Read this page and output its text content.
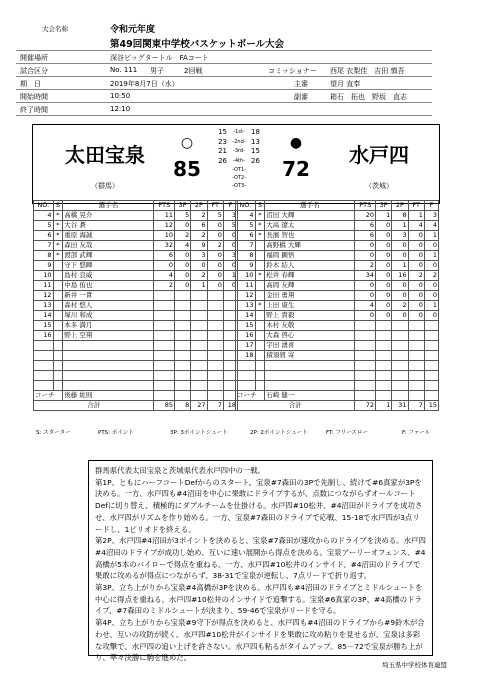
大会名称	令和元年度
第49回関東中学校バスケットボール大会
開催場所	深谷ビッグタートル　FAコート
試合区分	No. 111 男子	2回戦	コミッショナー 西尾 衣梨佳　吉田 慎吾
期　日	2019年8月7日（水）	主審	望月 直奉
開始時間	10:50	副審	箱石　拓也　野坂　直志
終了時間	12:10
太田宝泉
（群馬）
○
85
15	-1st- 18
23	-2nd- 13
21	-3rd- 15
26	-4th- 26
-OT1-
-OT2-
-OT3-
●
72
水戸四
（茨城）
NO.	S	選手名	PTS	3P	2P	FT	F
4	*	高橋 晃介	11	5	2	5	3
5	*	大谷 蒼	12	0	6	0	5
6	*	重原 海誠	10	2	2	0	0
7	*	森田 友哉	32	4	9	2	0
8	*	渡部 武輝	6	0	3	0	3
9		守下 悠暉	0	0	0	0	0
10		島村 良威	4	0	2	0	1
11		中島 侑也	2	0	1	0	0
12		新井 一貴					
13		森村 悠人					
14		塚川 和成					
15		本多 満月					
16		野上 空翔					

コーチ		後藤 紘則					
合計			85	8	27	7	18
NO.	S	選手名	PTS	3P	2P	FT	F
4	*	沼田 大輝	20	1	8	1	3
5	*	大高 遼太	6	0	1	4	4
6	*	長濱 智也	6	0	3	0	1
7		高野橋 大輝	0	0	0	0	0
8		福岡 顕悟	0	0	0	0	1
9		鈴木 結人	2	0	1	0	0
10	*	松井 春輝	34	0	16	2	2
11		高岡 友輝	0	0	0	0	0
12		金田 勇翔	0	0	0	0	0
13	*	上田 康生	4	0	2	0	1
14		野上 貴毅	0	0	0	0	0
15		木村 友敬					
16		大森 啓心					
17		宇田 湧喜					
18		積須賀 寄					

コーチ		石崎 健一					
合計			72	1	31	7	15
S: スターター	PTS: ポイント	3P: 3ポイントシュート	2P: 2ポイントシュート	FT: フリースロー	F: ファール

群馬県代表太田宝泉と茨城県代表水戸四中の一戦。

第1P、ともにハーフコートDefからのスタート。宝泉#7森田の3Pで先制し、続けて#6真家が3Pを決める。一方、水戸四も#4沼田を中心に果敢にドライブするが、点数につながらずオールコートDefに切り替え、積極的にダブルチームを仕掛ける。水戸四#10松井、#4沼田がドライブを成功させ、水戸四がリズムを作り始める。一方、宝泉#7森田のドライブで応戦、15-18で水戸四が3点リードし、1ピリオドを終える。

第2P、水戸四#4沼田が3ポイントを決めると、宝泉#7森田が速攻からのドライブを決める。水戸四#4沼田のドライブが成功し始め、互いに速い展開から得点を決める。宝泉アーリーオフェンス、#4高橋が5本のバイローで得点を重ねる。一方、水戸四#10松井のインサイド、#4沼田のドライブで果敢に攻めるが得点につながらず、38-31で宝泉が逆転し、7点リードで折り返す。

第3P、立ち上がりから宝泉#4高橋が3Pを決める。水戸四も#4沼田のドライブとミドルシュートを中心に得点を重ねる。水戸四#10松井のインサイドで追撃する。宝泉#6真家の3P、#4高橋のドライブ、#7森田のミドルシュートが決まり、59-46で宝泉がリードを守る。

第4P、立ち上がりから宝泉#9守下が得点を決めると、水戸四も#4沼田のドライブから#9鈴木が合わせ、互いの攻防が続く。水戸四#10松井がインサイドを果敢に攻め粘りを見せるが、宝泉は多彩な攻撃で、水戸四の追い上げを許さない。水戸四も粘るがタイムアップ。85－72で宝泉が勝ち上がり、準々決勝に駒を進めた。

埼玉県中学校体育連盟
